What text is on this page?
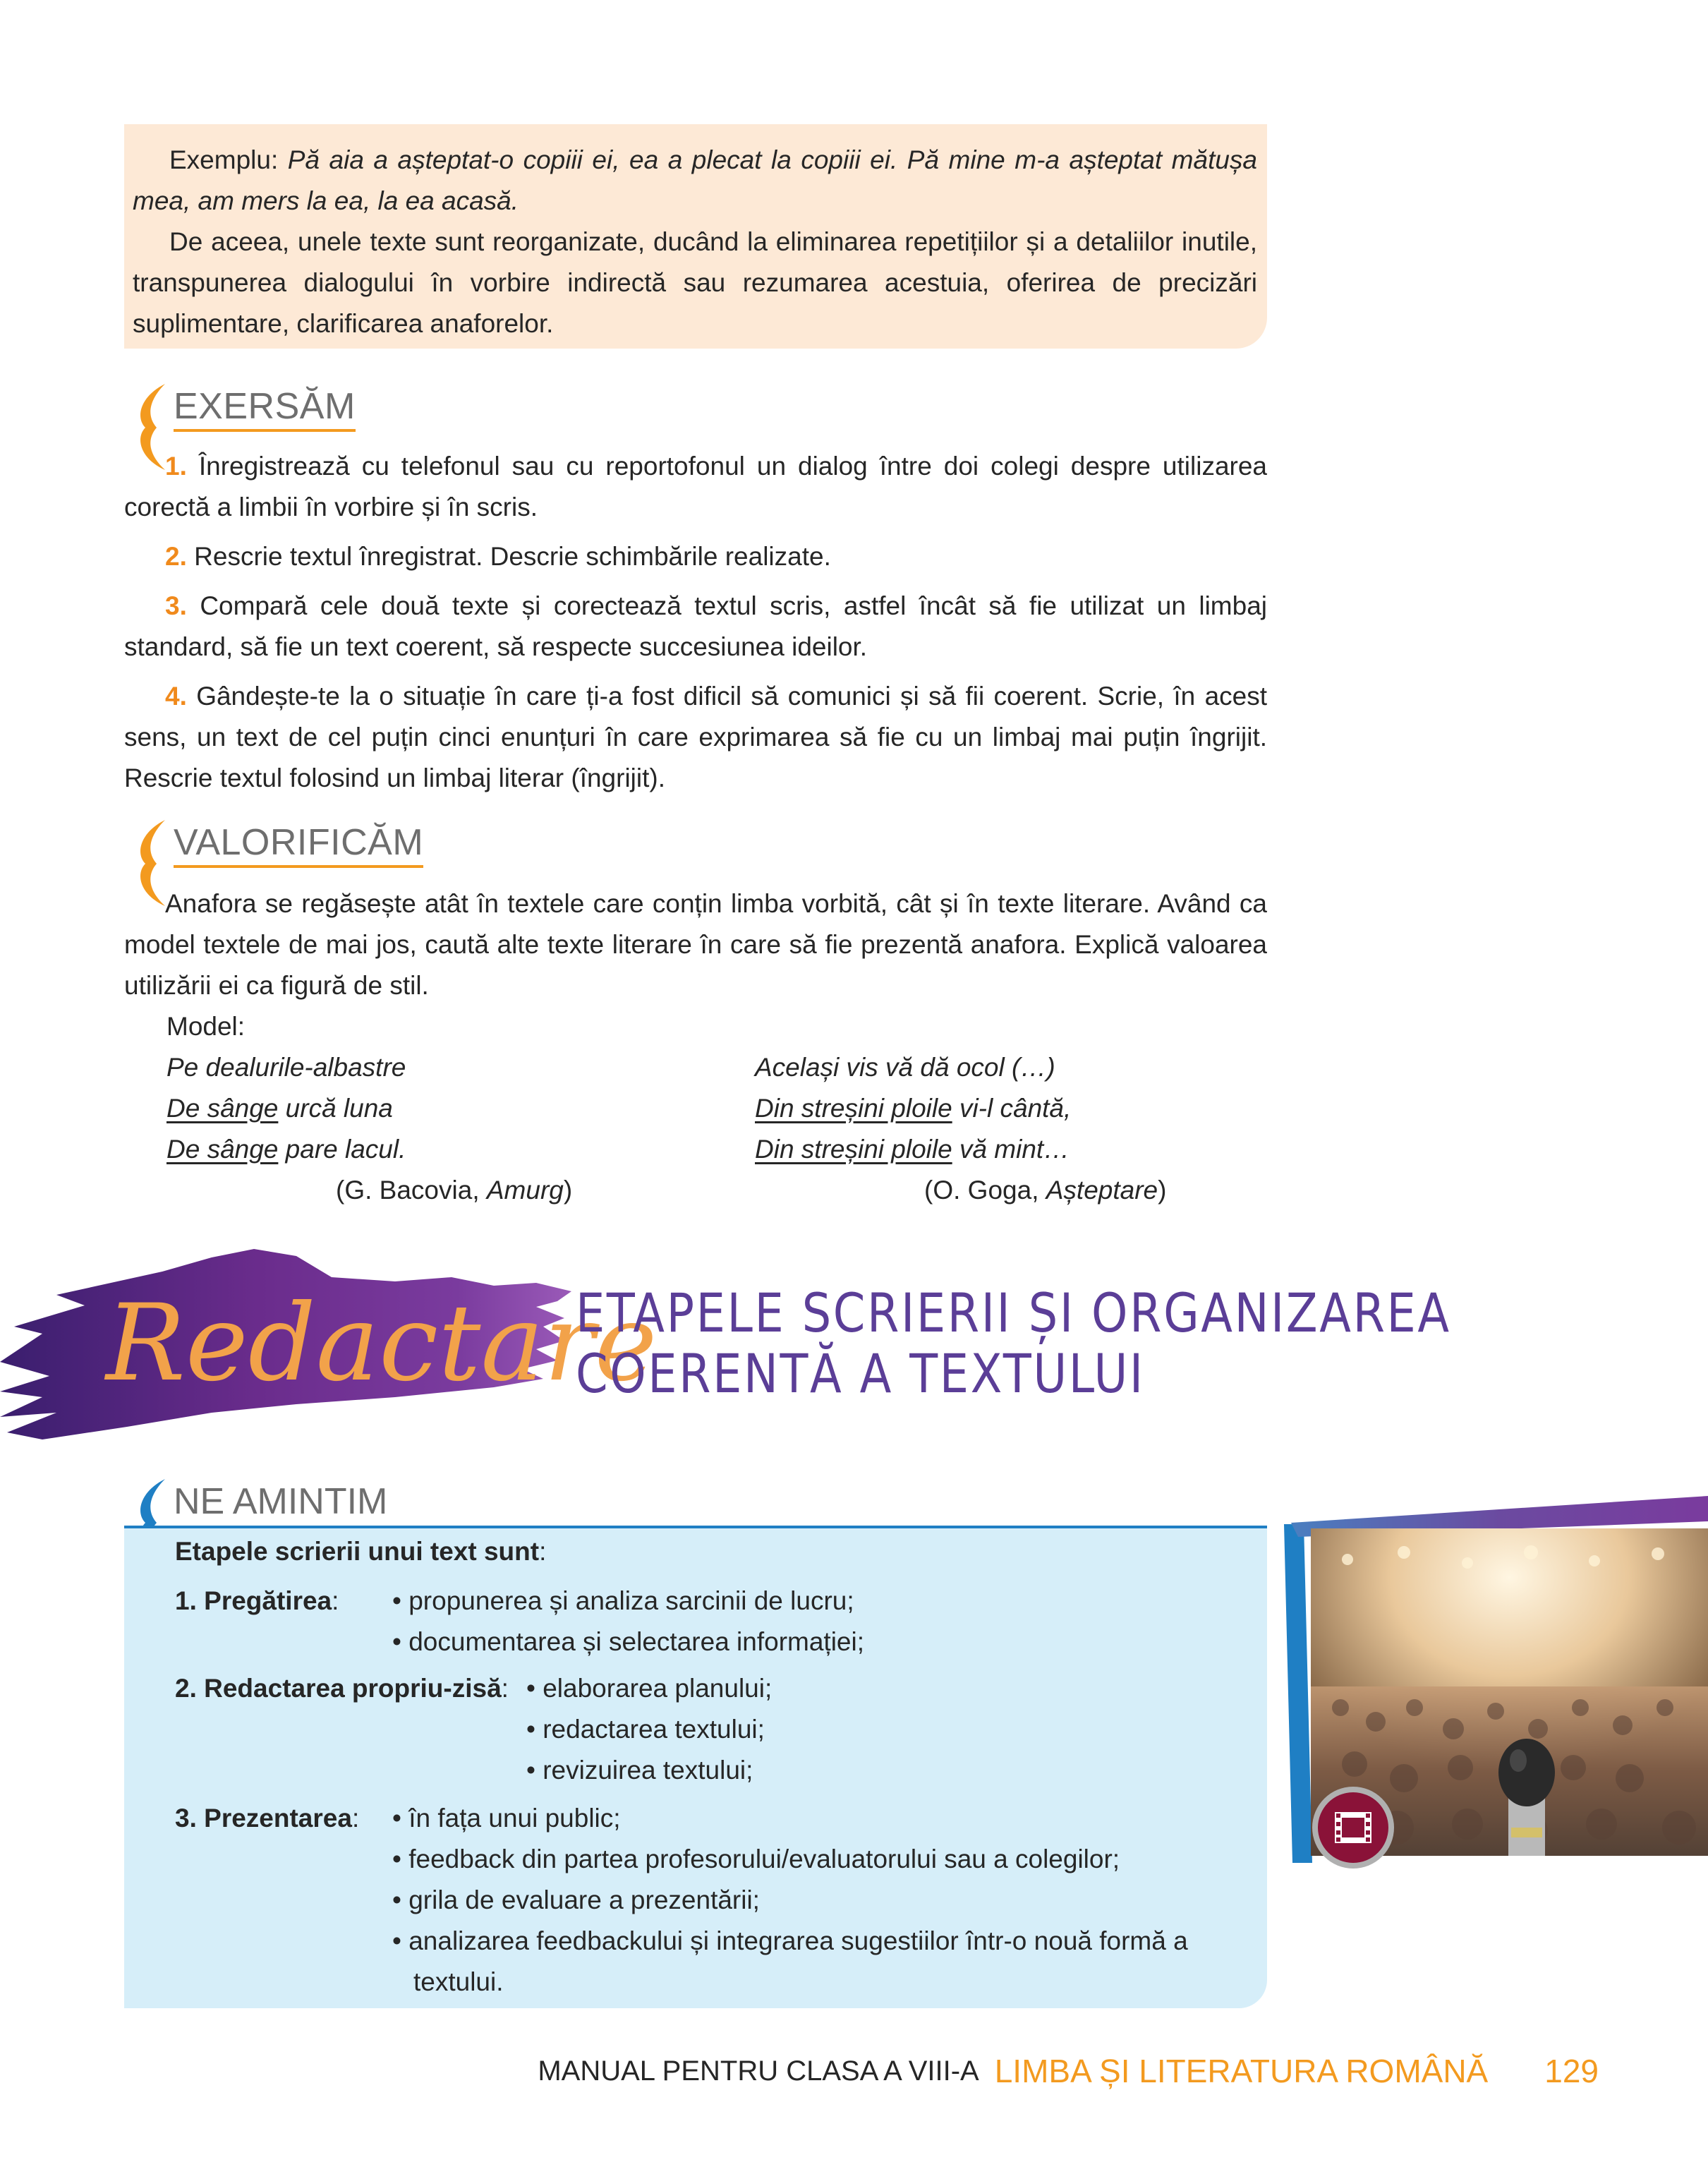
Exemplu: Pă aia a așteptat-o copiii ei, ea a plecat la copiii ei. Pă mine m-a așteptat mătușa mea, am mers la ea, la ea acasă.

De aceea, unele texte sunt reorganizate, ducând la eliminarea repetițiilor și a detaliilor inutile, transpunerea dialogului în vorbire indirectă sau rezumarea acestuia, oferirea de precizări suplimentare, clarificarea anaforelor.

EXERSĂM

1. Înregistrează cu telefonul sau cu reportofonul un dialog între doi colegi despre utilizarea corectă a limbii în vorbire și în scris.

2. Rescrie textul înregistrat. Descrie schimbările realizate.

3. Compară cele două texte și corectează textul scris, astfel încât să fie utilizat un limbaj standard, să fie un text coerent, să respecte succesiunea ideilor.

4. Gândește-te la o situație în care ți-a fost dificil să comunici și să fii coerent. Scrie, în acest sens, un text de cel puțin cinci enunțuri în care exprimarea să fie cu un limbaj mai puțin îngrijit. Rescrie textul folosind un limbaj literar (îngrijit).

VALORIFICĂM

Anafora se regăsește atât în textele care conțin limba vorbită, cât și în texte literare. Având ca model textele de mai jos, caută alte texte literare în care să fie prezentă anafora. Explică valoarea utilizării ei ca figură de stil.

Model:
Pe dealurile-albastre
De sânge urcă luna
De sânge pare lacul.
(G. Bacovia, Amurg)
Același vis vă dă ocol (…)
Din streșini ploile vi-l cântă,
Din streșini ploile vă mint…
(O. Goga, Așteptare)
Redactare
ETAPELE SCRIERII ȘI ORGANIZAREA
COERENTĂ A TEXTULUI
NE AMINTIM
Etapele scrierii unui text sunt:
1. Pregătirea: • propunerea și analiza sarcinii de lucru;
• documentarea și selectarea informației;
2. Redactarea propriu-zisă: • elaborarea planului;
• redactarea textului;
• revizuirea textului;
3. Prezentarea: • în fața unui public;
• feedback din partea profesorului/evaluatorului sau a colegilor;
• grila de evaluare a prezentării;
• analizarea feedbackului și integrarea sugestiilor într-o nouă formă a
textului.
MANUAL PENTRU CLASA A VIII-A LIMBA ȘI LITERATURA ROMÂNĂ 129
